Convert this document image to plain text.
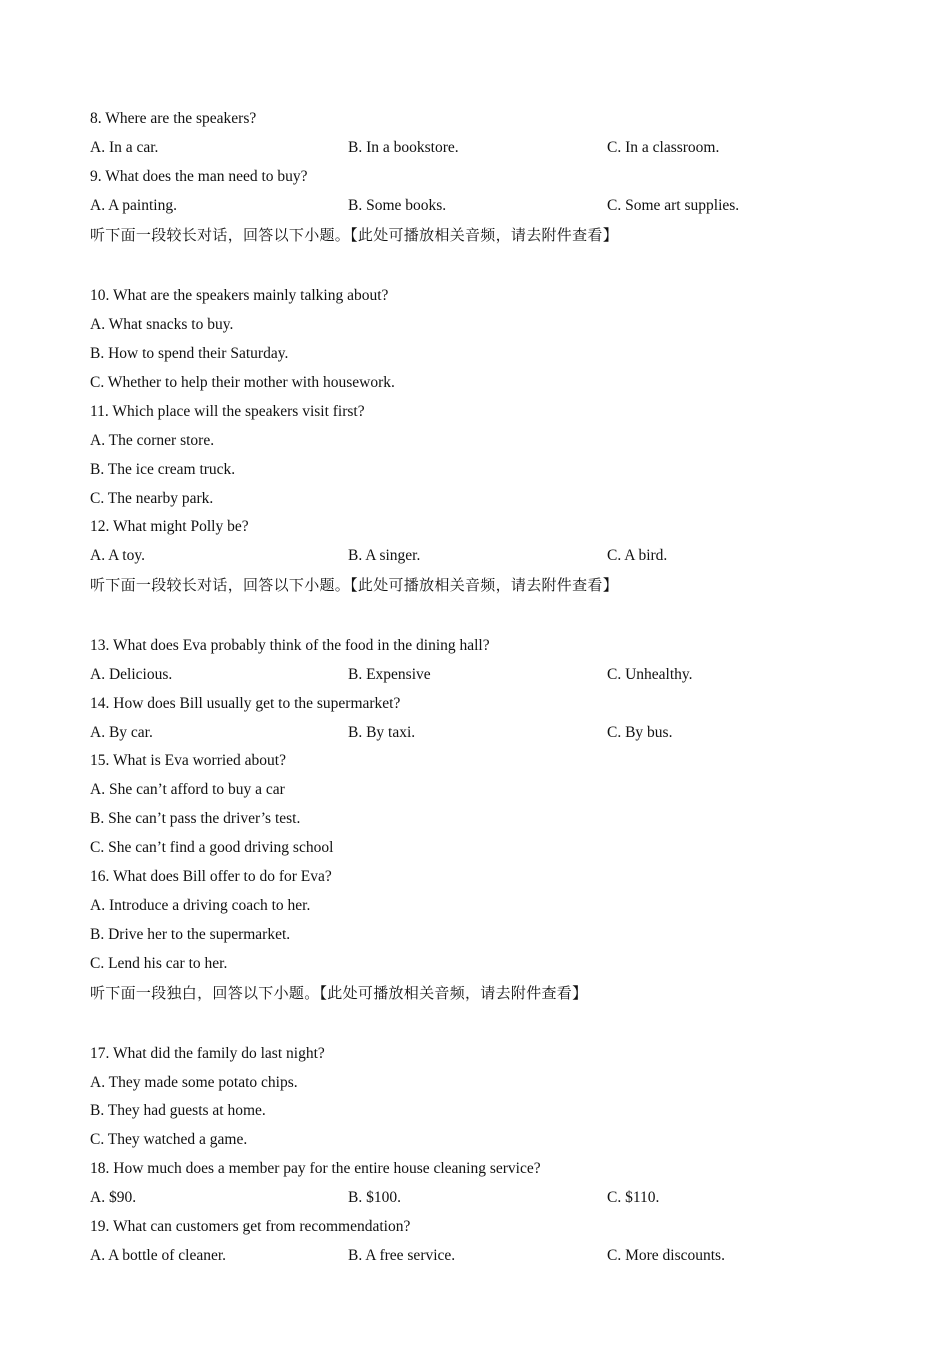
8. Where are the speakers?
A. In a car.	B. In a bookstore.	C. In a classroom.
9. What does the man need to buy?
A. A painting.	B. Some books.	C. Some art supplies.
听下面一段较长对话，回答以下小题。【此处可播放相关音频，请去附件查看】
10. What are the speakers mainly talking about?
A. What snacks to buy.
B. How to spend their Saturday.
C. Whether to help their mother with housework.
11. Which place will the speakers visit first?
A. The corner store.
B. The ice cream truck.
C. The nearby park.
12. What might Polly be?
A. A toy.	B. A singer.	C. A bird.
听下面一段较长对话，回答以下小题。【此处可播放相关音频，请去附件查看】
13. What does Eva probably think of the food in the dining hall?
A. Delicious.	B. Expensive	C. Unhealthy.
14. How does Bill usually get to the supermarket?
A. By car.	B. By taxi.	C. By bus.
15. What is Eva worried about?
A. She can’t afford to buy a car
B. She can’t pass the driver’s test.
C. She can’t find a good driving school
16. What does Bill offer to do for Eva?
A. Introduce a driving coach to her.
B. Drive her to the supermarket.
C. Lend his car to her.
听下面一段独白，回答以下小题。【此处可播放相关音频，请去附件查看】
17. What did the family do last night?
A. They made some potato chips.
B. They had guests at home.
C. They watched a game.
18. How much does a member pay for the entire house cleaning service?
A. $90.	B. $100.	C. $110.
19. What can customers get from recommendation?
A. A bottle of cleaner.	B. A free service.	C. More discounts.
